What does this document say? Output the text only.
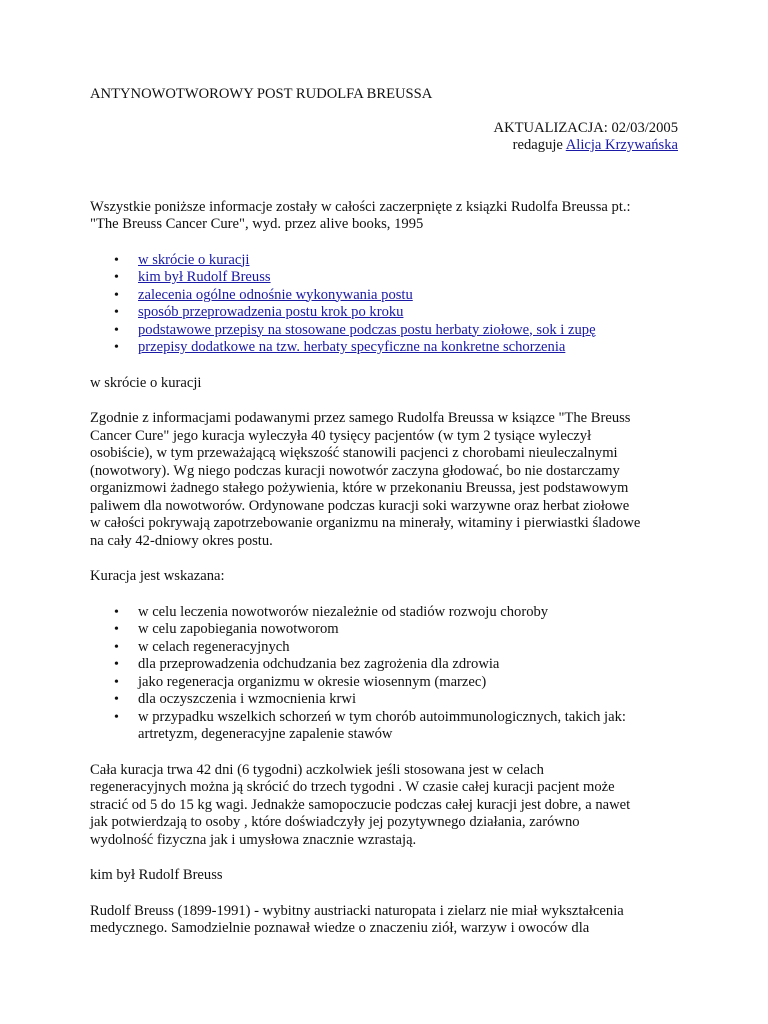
ANTYNOWOTWOROWY POST RUDOLFA BREUSSA
AKTUALIZACJA: 02/03/2005
redaguje Alicja Krzywańska
Wszystkie poniższe informacje zostały w całości zaczerpnięte z ksiązki Rudolfa Breussa pt.:
"The Breuss Cancer Cure", wyd. przez alive books, 1995
• w skrócie o kuracji
• kim był Rudolf Breuss
• zalecenia ogólne odnośnie wykonywania postu
• sposób przeprowadzenia postu krok po kroku
• podstawowe przepisy na stosowane podczas postu herbaty ziołowe, sok i zupę
• przepisy dodatkowe na tzw. herbaty specyficzne na konkretne schorzenia

w skrócie o kuracji

Zgodnie z informacjami podawanymi przez samego Rudolfa Breussa w ksiązce "The Breuss
Cancer Cure" jego kuracja wyleczyła 40 tysięcy pacjentów (w tym 2 tysiące wyleczył
osobiście), w tym przeważającą większość stanowili pacjenci z chorobami nieuleczalnymi
(nowotwory). Wg niego podczas kuracji nowotwór zaczyna głodować, bo nie dostarczamy
organizmowi żadnego stałego pożywienia, które w przekonaniu Breussa, jest podstawowym
paliwem dla nowotworów. Ordynowane podczas kuracji soki warzywne oraz herbat ziołowe
w całości pokrywają zapotrzebowanie organizmu na minerały, witaminy i pierwiastki śladowe
na cały 42-dniowy okres postu.

Kuracja jest wskazana:

• w celu leczenia nowotworów niezależnie od stadiów rozwoju choroby
• w celu zapobiegania nowotworom
• w celach regeneracyjnych
• dla przeprowadzenia odchudzania bez zagrożenia dla zdrowia
• jako regeneracja organizmu w okresie wiosennym (marzec)
• dla oczyszczenia i wzmocnienia krwi
• w przypadku wszelkich schorzeń w tym chorób autoimmunologicznych, takich jak: artretyzm, degeneracyjne zapalenie stawów
Cała kuracja trwa 42 dni (6 tygodni) aczkolwiek jeśli stosowana jest w celach
regeneracyjnych można ją skrócić do trzech tygodni . W czasie całej kuracji pacjent może
stracić od 5 do 15 kg wagi. Jednakże samopoczucie podczas całej kuracji jest dobre, a nawet
jak potwierdzają to osoby , które doświadczyły jej pozytywnego działania, zarówno
wydolność fizyczna jak i umysłowa znacznie wzrastają.

kim był Rudolf Breuss

Rudolf Breuss (1899-1991) - wybitny austriacki naturopata i zielarz nie miał wykształcenia
medycznego. Samodzielnie poznawał wiedze o znaczeniu ziół, warzyw i owoców dla
